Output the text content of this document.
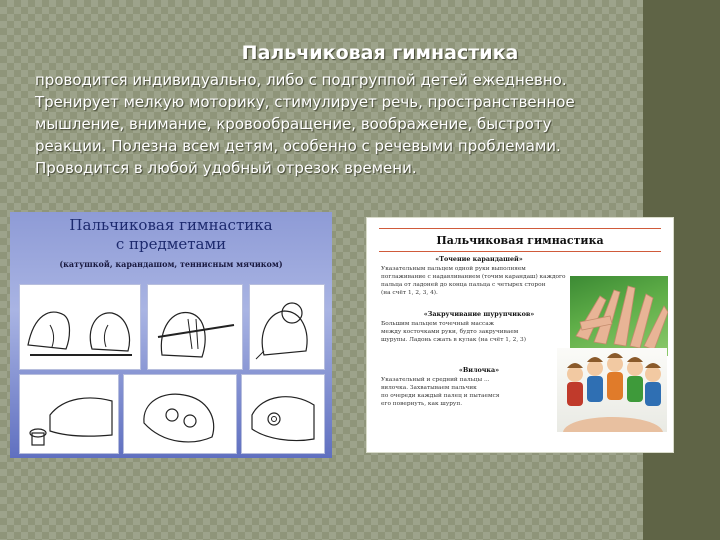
Пальчиковая гимнастика
проводится индивидуально, либо с подгруппой детей ежедневно.
Тренирует мелкую моторику, стимулирует речь, пространственное
мышление, внимание, кровообращение, воображение, быстроту
реакции. Полезна всем детям, особенно с речевыми проблемами.
Проводится в любой удобный отрезок времени.
Пальчиковая гимнастика
с предметами
(катушкой, карандашом, теннисным мячиком)
Пальчиковая гимнастика
«Точение карандашей»
Указательным пальцем одной руки выполняем
поглаживание с надавливанием (точим карандаш) каждого
пальца от ладоней до конца пальца с четырех сторон
(на счёт 1, 2, 3, 4).
«Закручивание шурупчиков»
Большим пальцем точечный массаж
между косточками руки, будто закручиваем
шурупы. Ладонь сжать в кулак (на счёт 1, 2, 3)
«Вилочка»
Указательный и средний пальцы ...
вилочка. Захватываем пальчик
по очереди каждый палец и пытаемся
его повернуть, как шуруп.
